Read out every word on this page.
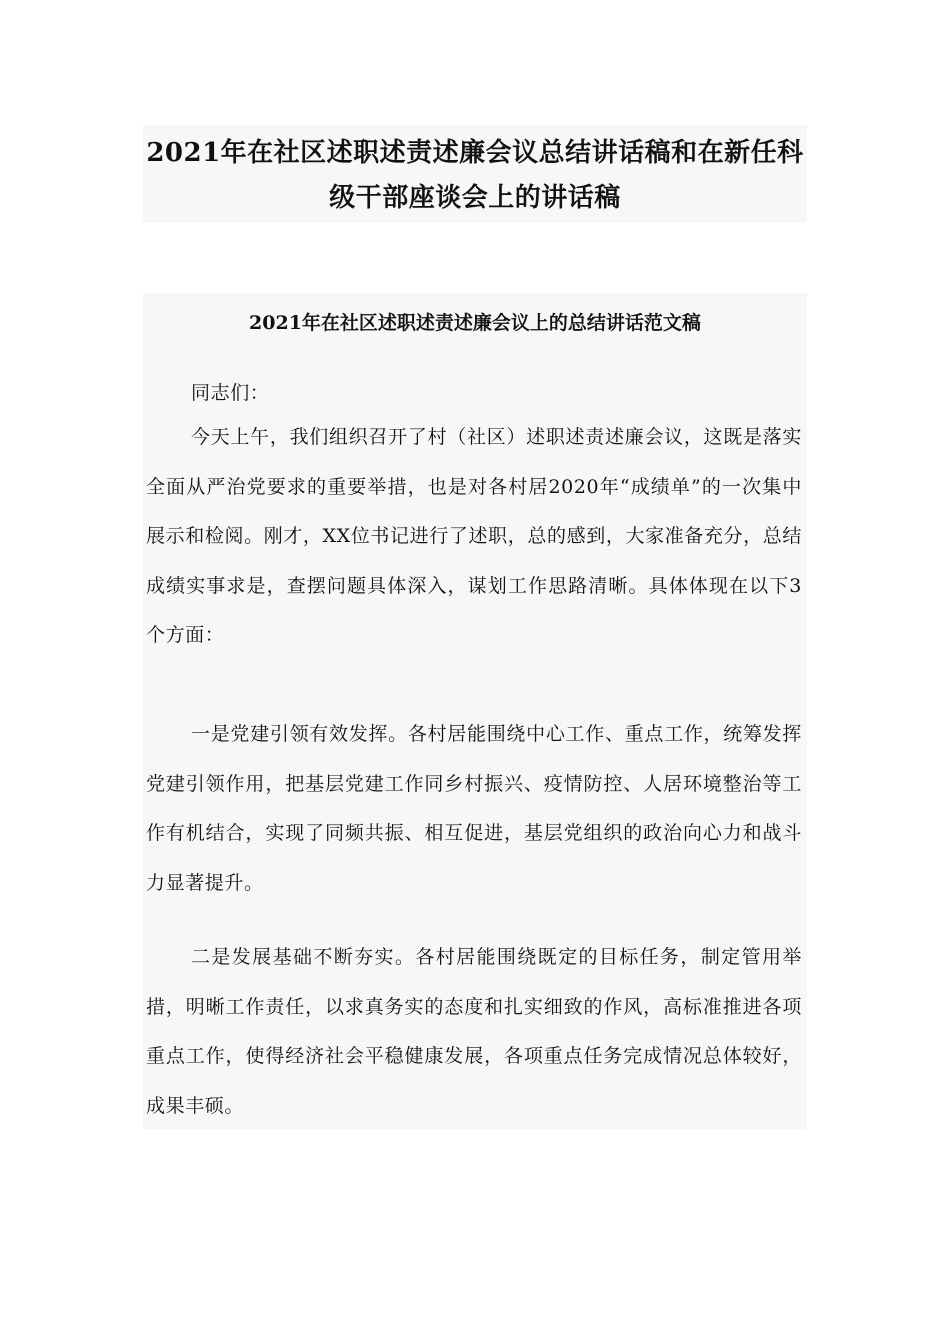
2021年在社区述职述责述廉会议总结讲话稿和在新任科级干部座谈会上的讲话稿
2021年在社区述职述责述廉会议上的总结讲话范文稿

同志们：

今天上午，我们组织召开了村（社区）述职述责述廉会议，这既是落实全面从严治党要求的重要举措，也是对各村居2020年“成绩单”的一次集中展示和检阅。刚才，XX位书记进行了述职，总的感到，大家准备充分，总结成绩实事求是，查摆问题具体深入，谋划工作思路清晰。具体体现在以下3个方面：

一是党建引领有效发挥。各村居能围绕中心工作、重点工作，统筹发挥党建引领作用，把基层党建工作同乡村振兴、疫情防控、人居环境整治等工作有机结合，实现了同频共振、相互促进，基层党组织的政治向心力和战斗力显著提升。

二是发展基础不断夯实。各村居能围绕既定的目标任务，制定管用举措，明晰工作责任，以求真务实的态度和扎实细致的作风，高标准推进各项重点工作，使得经济社会平稳健康发展，各项重点任务完成情况总体较好，成果丰硕。
